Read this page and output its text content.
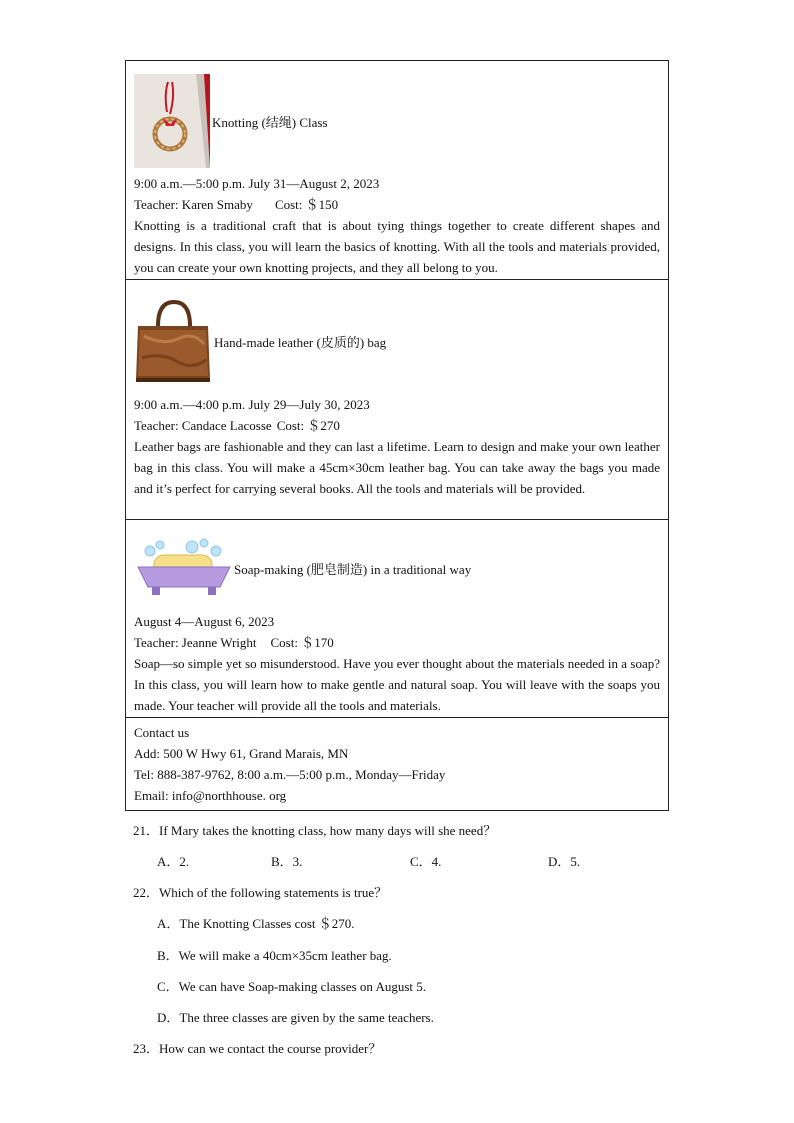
Knotting (结绳) Class
9:00 a.m.—5:00 p.m. July 31—August 2, 2023
Teacher: Karen Smaby Cost: ＄150
Knotting is a traditional craft that is about tying things together to create different shapes and designs. In this class, you will learn the basics of knotting. With all the tools and materials provided, you can create your own knotting projects, and they all belong to you.
Hand-made leather (皮质的) bag
9:00 a.m.—4:00 p.m. July 29—July 30, 2023
Teacher: Candace Lacosse Cost: ＄270
Leather bags are fashionable and they can last a lifetime. Learn to design and make your own leather bag in this class. You will make a 45cm×30cm leather bag. You can take away the bags you made and it’s perfect for carrying several books. All the tools and materials will be provided.
Soap-making (肥皂制造) in a traditional way
August 4—August 6, 2023
Teacher: Jeanne Wright Cost: ＄170
Soap—so simple yet so misunderstood. Have you ever thought about the materials needed in a soap? In this class, you will learn how to make gentle and natural soap. You will leave with the soaps you made. Your teacher will provide all the tools and materials.
Contact us
Add: 500 W Hwy 61, Grand Marais, MN
Tel: 888-387-9762, 8:00 a.m.—5:00 p.m., Monday—Friday
Email: info@northhouse. org
21．If Mary takes the knotting class, how many days will she need？
A．2.	B．3.	C．4.	D．5.
22．Which of the following statements is true？
A．The Knotting Classes cost ＄270.
B．We will make a 40cm×35cm leather bag.
C．We can have Soap-making classes on August 5.
D．The three classes are given by the same teachers.
23．How can we contact the course provider？
